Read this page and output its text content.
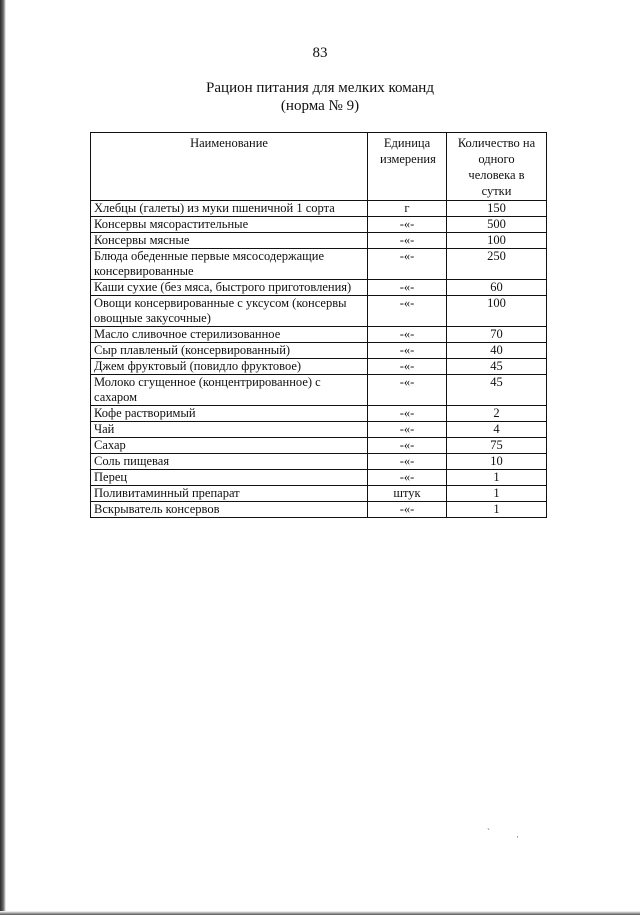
83
Рацион питания для мелких команд
(норма № 9)
Наименование	Единица измерения	Количество на одного человека в сутки
Хлебцы (галеты) из муки пшеничной 1 сорта	г	150
Консервы мясорастительные	-«-	500
Консервы мясные	-«-	100
Блюда обеденные первые мясосодержащие консервированные	-«-	250
Каши сухие (без мяса, быстрого приготовления)	-«-	60
Овощи консервированные с уксусом (консервы овощные закусочные)	-«-	100
Масло сливочное стерилизованное	-«-	70
Сыр плавленый (консервированный)	-«-	40
Джем фруктовый (повидло фруктовое)	-«-	45
Молоко сгущенное (концентрированное) с сахаром	-«-	45
Кофе растворимый	-«-	2
Чай	-«-	4
Сахар	-«-	75
Соль пищевая	-«-	10
Перец	-«-	1
Поливитаминный препарат	штук	1
Вскрыватель консервов	-«-	1
ˎ
·
